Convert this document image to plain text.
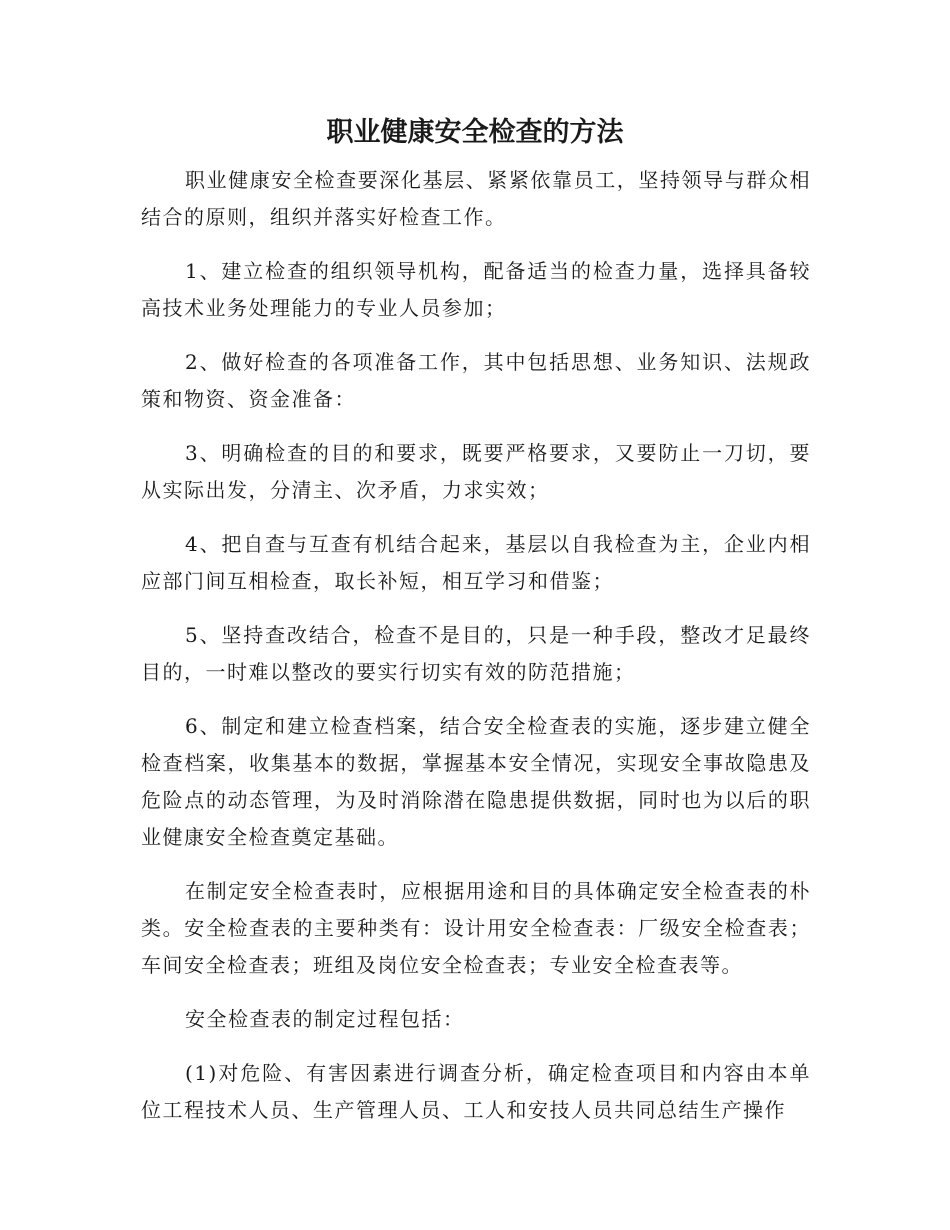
职业健康安全检查的方法

职业健康安全检查要深化基层、紧紧依靠员工，坚持领导与群众相结合的原则，组织并落实好检查工作。

1、建立检查的组织领导机构，配备适当的检查力量，选择具备较高技术业务处理能力的专业人员参加；

2、做好检查的各项准备工作，其中包括思想、业务知识、法规政策和物资、资金准备：

3、明确检查的目的和要求，既要严格要求，又要防止一刀切，要从实际出发，分清主、次矛盾，力求实效；

4、把自查与互查有机结合起来，基层以自我检查为主，企业内相应部门间互相检查，取长补短，相互学习和借鉴；

5、坚持查改结合，检查不是目的，只是一种手段，整改才足最终目的，一时难以整改的要实行切实有效的防范措施；

6、制定和建立检查档案，结合安全检查表的实施，逐步建立健全检查档案，收集基本的数据，掌握基本安全情况，实现安全事故隐患及危险点的动态管理，为及时消除潜在隐患提供数据，同时也为以后的职业健康安全检查奠定基础。

在制定安全检查表时，应根据用途和目的具体确定安全检查表的朴类。安全检查表的主要种类有：设计用安全检查表：厂级安全检查表；车间安全检查表；班组及岗位安全检查表；专业安全检查表等。

安全检查表的制定过程包括：

(1)对危险、有害因素进行调查分析，确定检查项目和内容由本单位工程技术人员、生产管理人员、工人和安技人员共同总结生产操作
